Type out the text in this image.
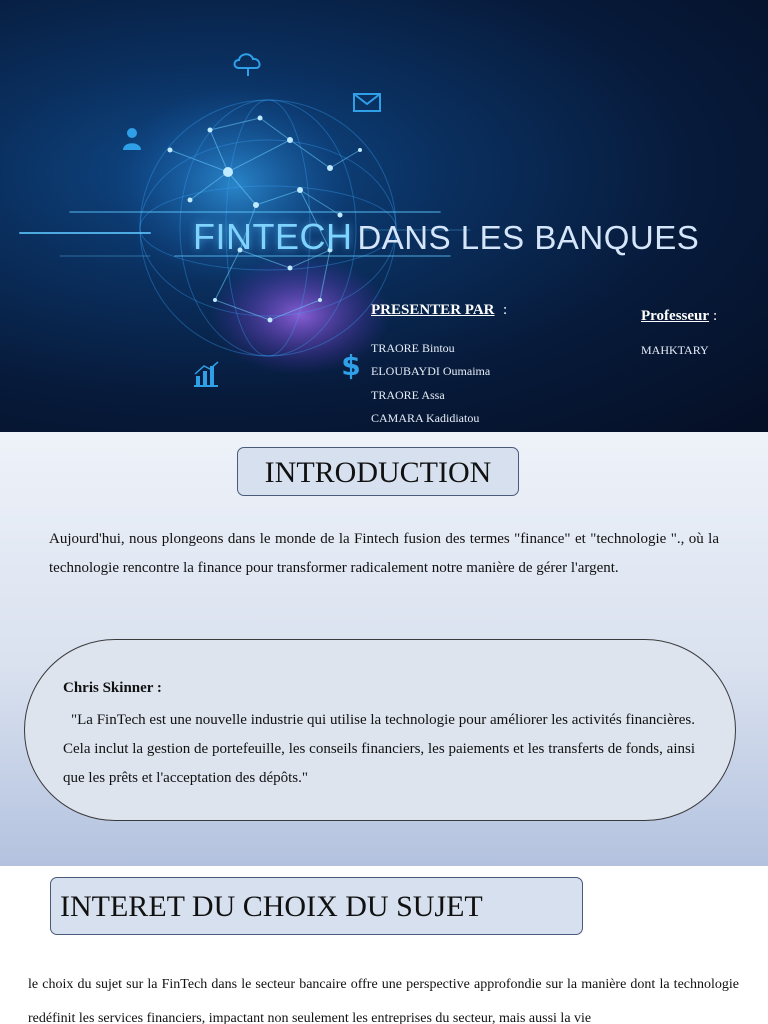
$
FINTECH DANS LES BANQUES
PRESENTER PAR :
TRAORE Bintou
ELOUBAYDI Oumaima
TRAORE Assa
CAMARA Kadidiatou
Professeur :
MAHKTARY
INTRODUCTION

Aujourd'hui, nous plongeons dans le monde de la Fintech fusion des termes "finance" et "technologie "., où la technologie rencontre la finance pour transformer radicalement notre manière de gérer l'argent.

Chris Skinner :

"La FinTech est une nouvelle industrie qui utilise la technologie pour améliorer les activités financières. Cela inclut la gestion de portefeuille, les conseils financiers, les paiements et les transferts de fonds, ainsi que les prêts et l'acceptation des dépôts."

INTERET DU CHOIX DU SUJET

le choix du sujet sur la FinTech dans le secteur bancaire offre une perspective approfondie sur la manière dont la technologie redéfinit les services financiers, impactant non seulement les entreprises du secteur, mais aussi la vie
